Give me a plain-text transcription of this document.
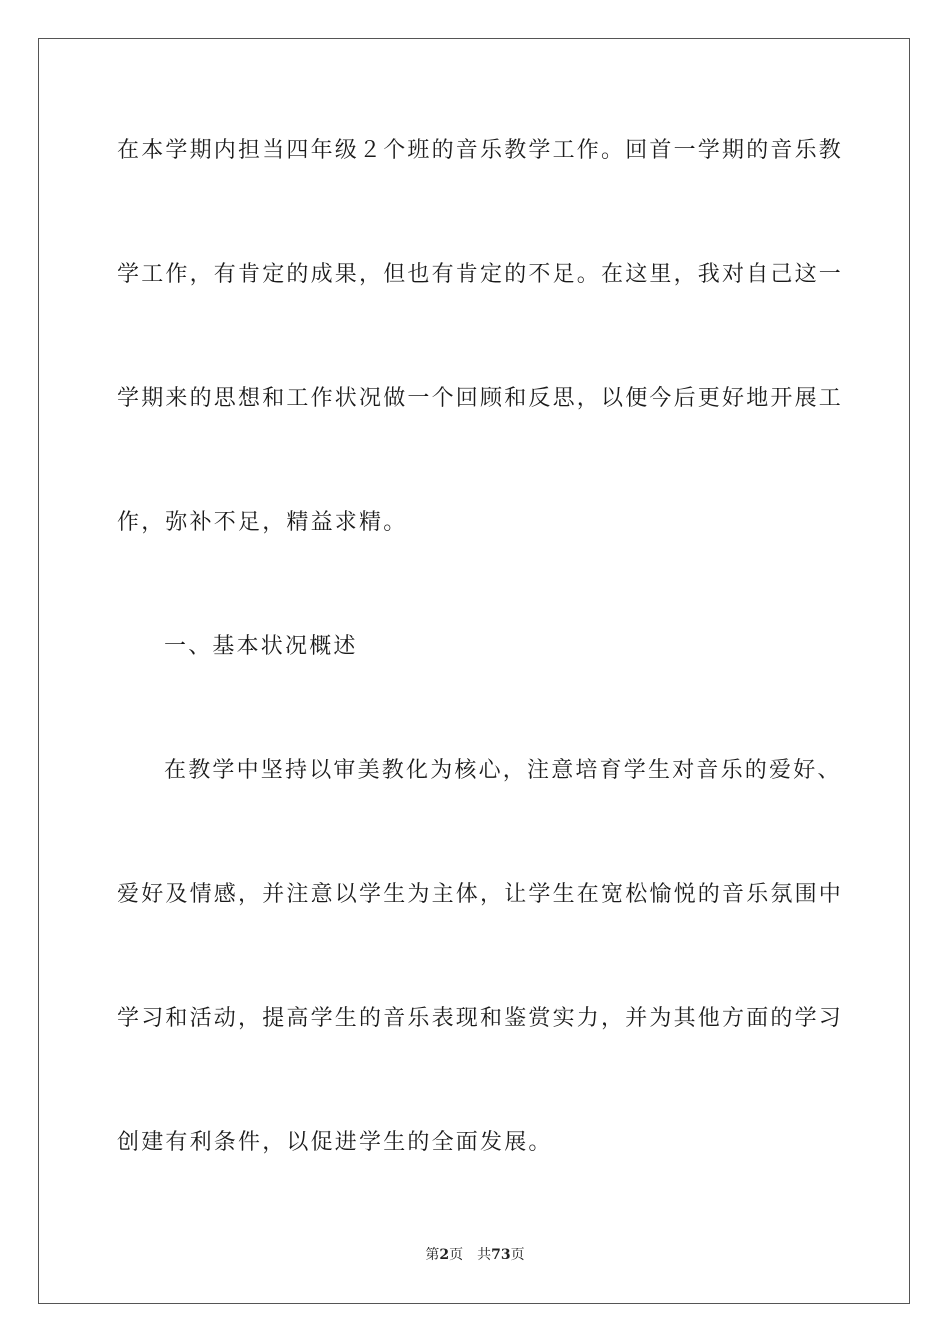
在本学期内担当四年级２个班的音乐教学工作。回首一学期的音乐教
学工作，有肯定的成果，但也有肯定的不足。在这里，我对自己这一
学期来的思想和工作状况做一个回顾和反思，以便今后更好地开展工
作，弥补不足，精益求精。
一、基本状况概述
在教学中坚持以审美教化为核心，注意培育学生对音乐的爱好、
爱好及情感，并注意以学生为主体，让学生在宽松愉悦的音乐氛围中
学习和活动，提高学生的音乐表现和鉴赏实力，并为其他方面的学习
创建有利条件，以促进学生的全面发展。
第2页 共73页
